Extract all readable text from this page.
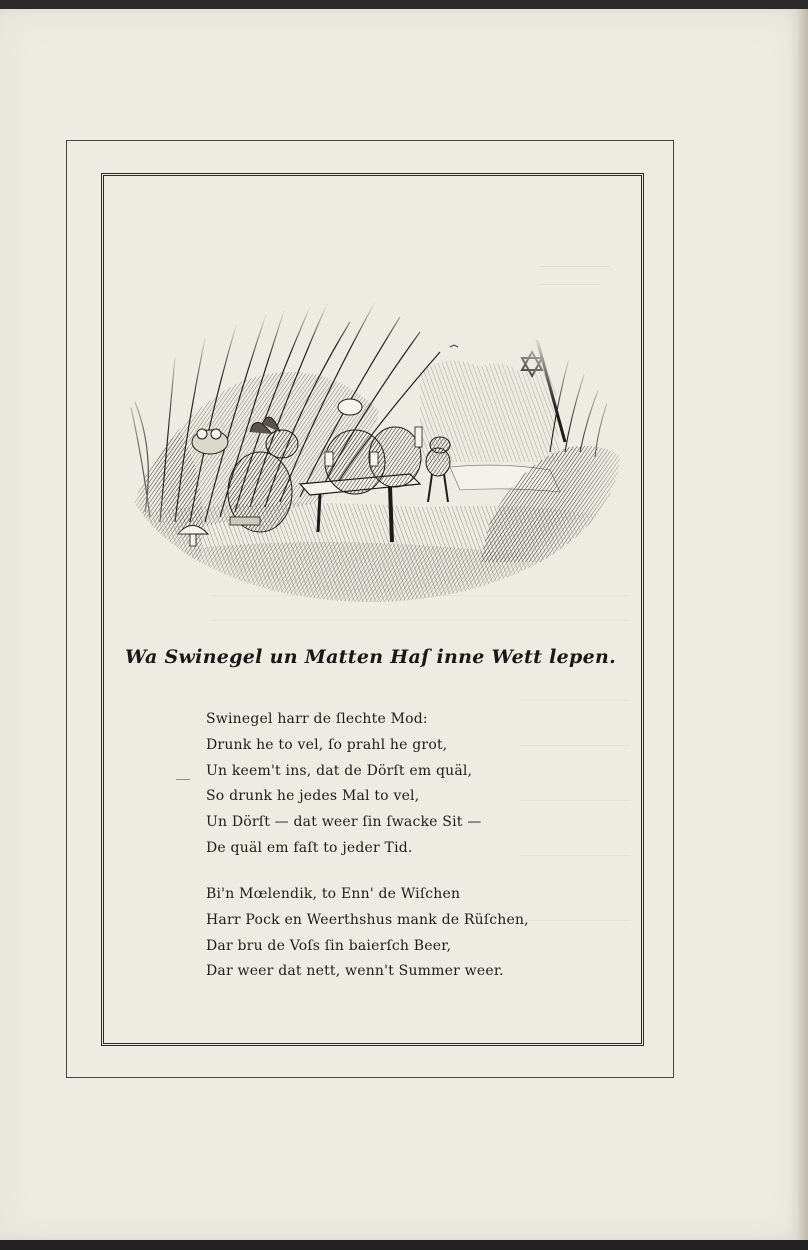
Wa Swinegel un Matten Haſ inne Wett lepen.
Swinegel harr de ſlechte Mod:
Drunk he to vel, ſo prahl he grot,
Un keem't ins, dat de Dörſt em quäl,
So drunk he jedes Mal to vel,
Un Dörſt — dat weer ſin ſwacke Sit —
De quäl em faſt to jeder Tid.
Bi'n Mœlendik, to Enn' de Wiſchen
Harr Pock en Weerthshus mank de Rüſchen,
Dar bru de Voſs ſin baierſch Beer,
Dar weer dat nett, wenn't Summer weer.
